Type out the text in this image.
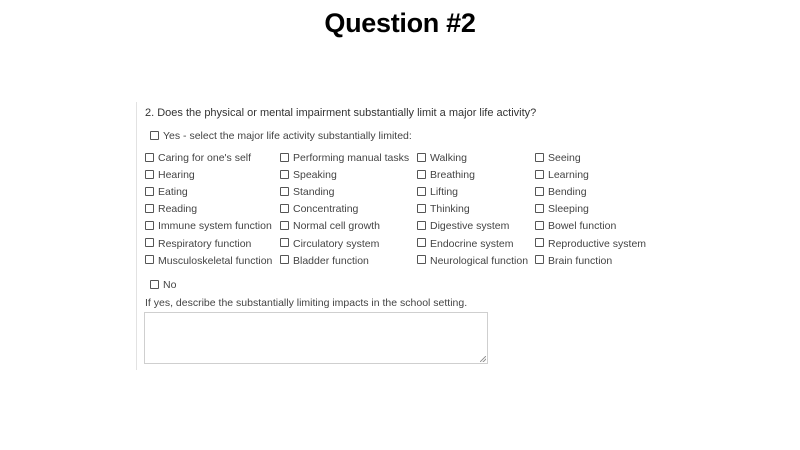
Question #2
2. Does the physical or mental impairment substantially limit a major life activity?
Yes - select the major life activity substantially limited:
Caring for one's self	Performing manual tasks	Walking	Seeing
Hearing	Speaking	Breathing	Learning
Eating	Standing	Lifting	Bending
Reading	Concentrating	Thinking	Sleeping
Immune system function	Normal cell growth	Digestive system	Bowel function
Respiratory function	Circulatory system	Endocrine system	Reproductive system
Musculoskeletal function	Bladder function	Neurological function	Brain function
No
If yes, describe the substantially limiting impacts in the school setting.
